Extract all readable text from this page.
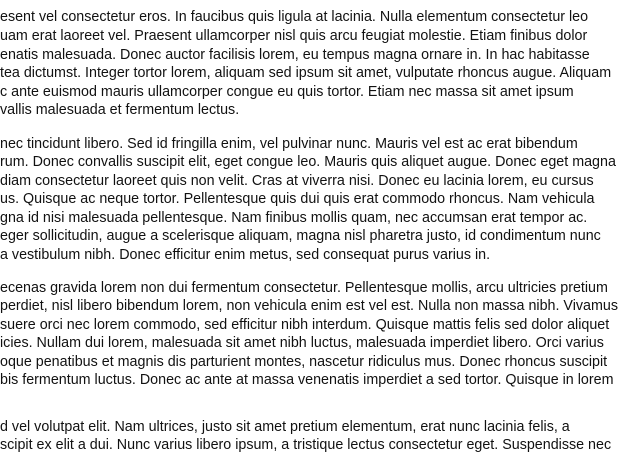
esent vel consectetur eros. In faucibus quis ligula at lacinia. Nulla elementum consectetur leo
uam erat laoreet vel. Praesent ullamcorper nisl quis arcu feugiat molestie. Etiam finibus dolor
enatis malesuada. Donec auctor facilisis lorem, eu tempus magna ornare in. In hac habitasse
tea dictumst. Integer tortor lorem, aliquam sed ipsum sit amet, vulputate rhoncus augue. Aliquam
c ante euismod mauris ullamcorper congue eu quis tortor. Etiam nec massa sit amet ipsum
vallis malesuada et fermentum lectus.
nec tincidunt libero. Sed id fringilla enim, vel pulvinar nunc. Mauris vel est ac erat bibendum
rum. Donec convallis suscipit elit, eget congue leo. Mauris quis aliquet augue. Donec eget magna
diam consectetur laoreet quis non velit. Cras at viverra nisi. Donec eu lacinia lorem, eu cursus
us. Quisque ac neque tortor. Pellentesque quis dui quis erat commodo rhoncus. Nam vehicula
gna id nisi malesuada pellentesque. Nam finibus mollis quam, nec accumsan erat tempor ac.
eger sollicitudin, augue a scelerisque aliquam, magna nisl pharetra justo, id condimentum nunc
a vestibulum nibh. Donec efficitur enim metus, sed consequat purus varius in.
ecenas gravida lorem non dui fermentum consectetur. Pellentesque mollis, arcu ultricies pretium
perdiet, nisl libero bibendum lorem, non vehicula enim est vel est. Nulla non massa nibh. Vivamus
suere orci nec lorem commodo, sed efficitur nibh interdum. Quisque mattis felis sed dolor aliquet
icies. Nullam dui lorem, malesuada sit amet nibh luctus, malesuada imperdiet libero. Orci varius
oque penatibus et magnis dis parturient montes, nascetur ridiculus mus. Donec rhoncus suscipit
bis fermentum luctus. Donec ac ante at massa venenatis imperdiet a sed tortor. Quisque in lorem
d vel volutpat elit. Nam ultrices, justo sit amet pretium elementum, erat nunc lacinia felis, a
scipit ex elit a dui. Nunc varius libero ipsum, a tristique lectus consectetur eget. Suspendisse nec
